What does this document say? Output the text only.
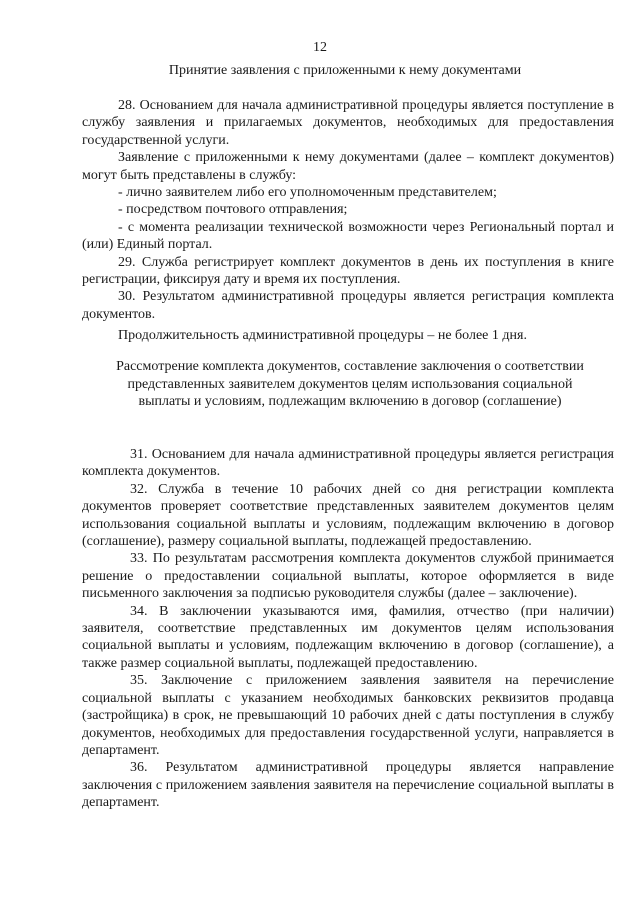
12
Принятие заявления с приложенными к нему документами

28. Основанием для начала административной процедуры является поступление в службу заявления и прилагаемых документов, необходимых для предоставления государственной услуги.

Заявление с приложенными к нему документами (далее – комплект документов) могут быть представлены в службу:

- лично заявителем либо его уполномоченным представителем;

- посредством почтового отправления;

- с момента реализации технической возможности через Региональный портал и (или) Единый портал.

29. Служба регистрирует комплект документов в день их поступления в книге регистрации, фиксируя дату и время их поступления.

30. Результатом административной процедуры является регистрация комплекта документов.

Продолжительность административной процедуры – не более 1 дня.

Рассмотрение комплекта документов, составление заключения о соответствии представленных заявителем документов целям использования социальной выплаты и условиям, подлежащим включению в договор (соглашение)

31. Основанием для начала административной процедуры является регистрация комплекта документов.

32. Служба в течение 10 рабочих дней со дня регистрации комплекта документов проверяет соответствие представленных заявителем документов целям использования социальной выплаты и условиям, подлежащим включению в договор (соглашение), размеру социальной выплаты, подлежащей предоставлению.

33. По результатам рассмотрения комплекта документов службой принимается решение о предоставлении социальной выплаты, которое оформляется в виде письменного заключения за подписью руководителя службы (далее – заключение).

34. В заключении указываются имя, фамилия, отчество (при наличии) заявителя, соответствие представленных им документов целям использования социальной выплаты и условиям, подлежащим включению в договор (соглашение), а также размер социальной выплаты, подлежащей предоставлению.

35. Заключение с приложением заявления заявителя на перечисление социальной выплаты с указанием необходимых банковских реквизитов продавца (застройщика) в срок, не превышающий 10 рабочих дней с даты поступления в службу документов, необходимых для предоставления государственной услуги, направляется в департамент.

36. Результатом административной процедуры является направление заключения с приложением заявления заявителя на перечисление социальной выплаты в департамент.
